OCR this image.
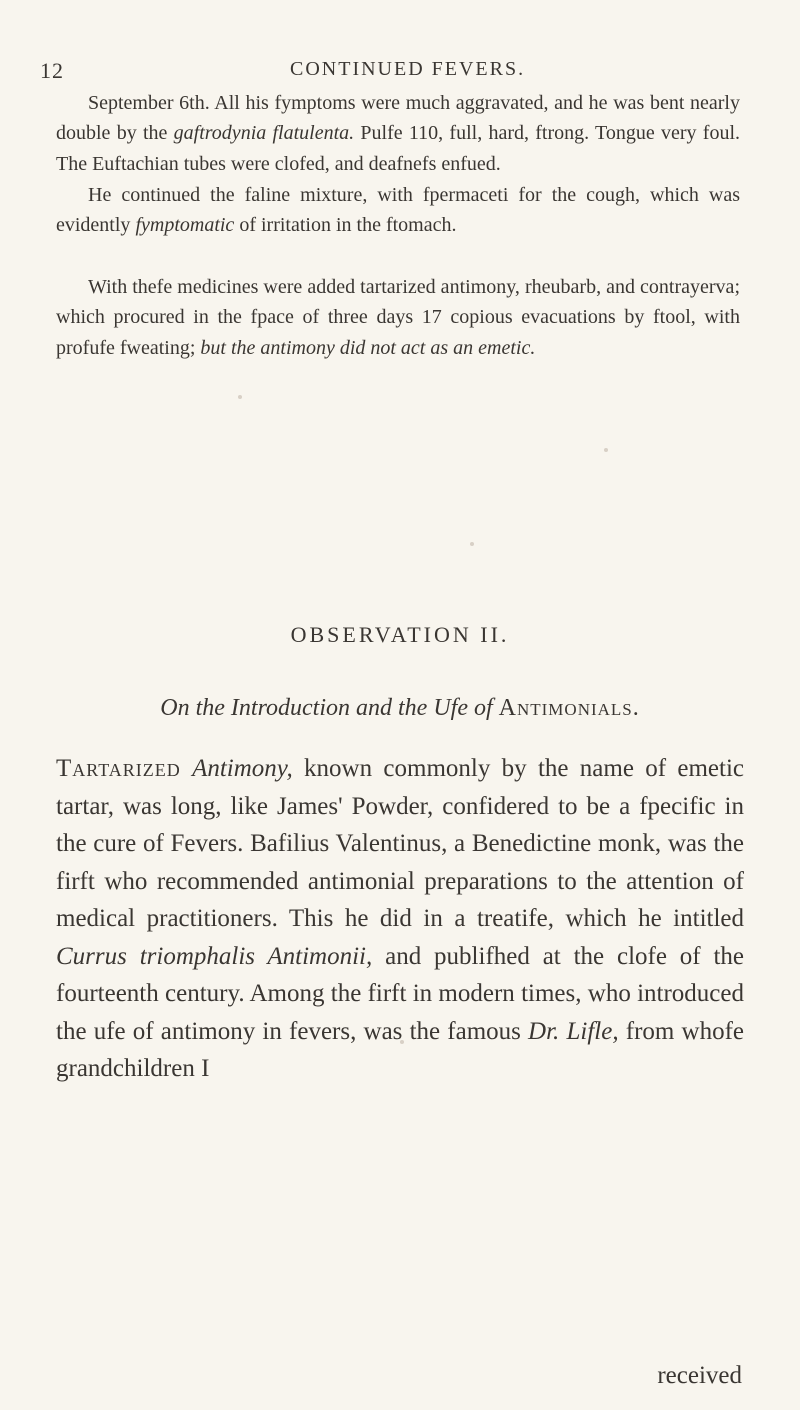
12	CONTINUED FEVERS.

September 6th. All his fymptoms were much aggravated, and he was bent nearly double by the gaftrodynia flatulenta. Pulfe 110, full, hard, ftrong. Tongue very foul. The Euftachian tubes were clofed, and deafnefs enfued.

He continued the faline mixture, with fpermaceti for the cough, which was evidently fymptomatic of irritation in the ftomach.

With thefe medicines were added tartarized antimony, rheubarb, and contrayerva; which procured in the fpace of three days 17 copious evacuations by ftool, with profufe fweating; but the antimony did not act as an emetic.

OBSERVATION II.
On the Introduction and the Ufe of Antimonials.

Tartarized Antimony, known commonly by the name of emetic tartar, was long, like James' Powder, confidered to be a fpecific in the cure of Fevers. Bafilius Valentinus, a Benedictine monk, was the firft who recommended antimonial preparations to the attention of medical practitioners. This he did in a treatife, which he intitled Currus triomphalis Antimonii, and publifhed at the clofe of the fourteenth century. Among the firft in modern times, who introduced the ufe of antimony in fevers, was the famous Dr. Lifle, from whofe grandchildren I

received
